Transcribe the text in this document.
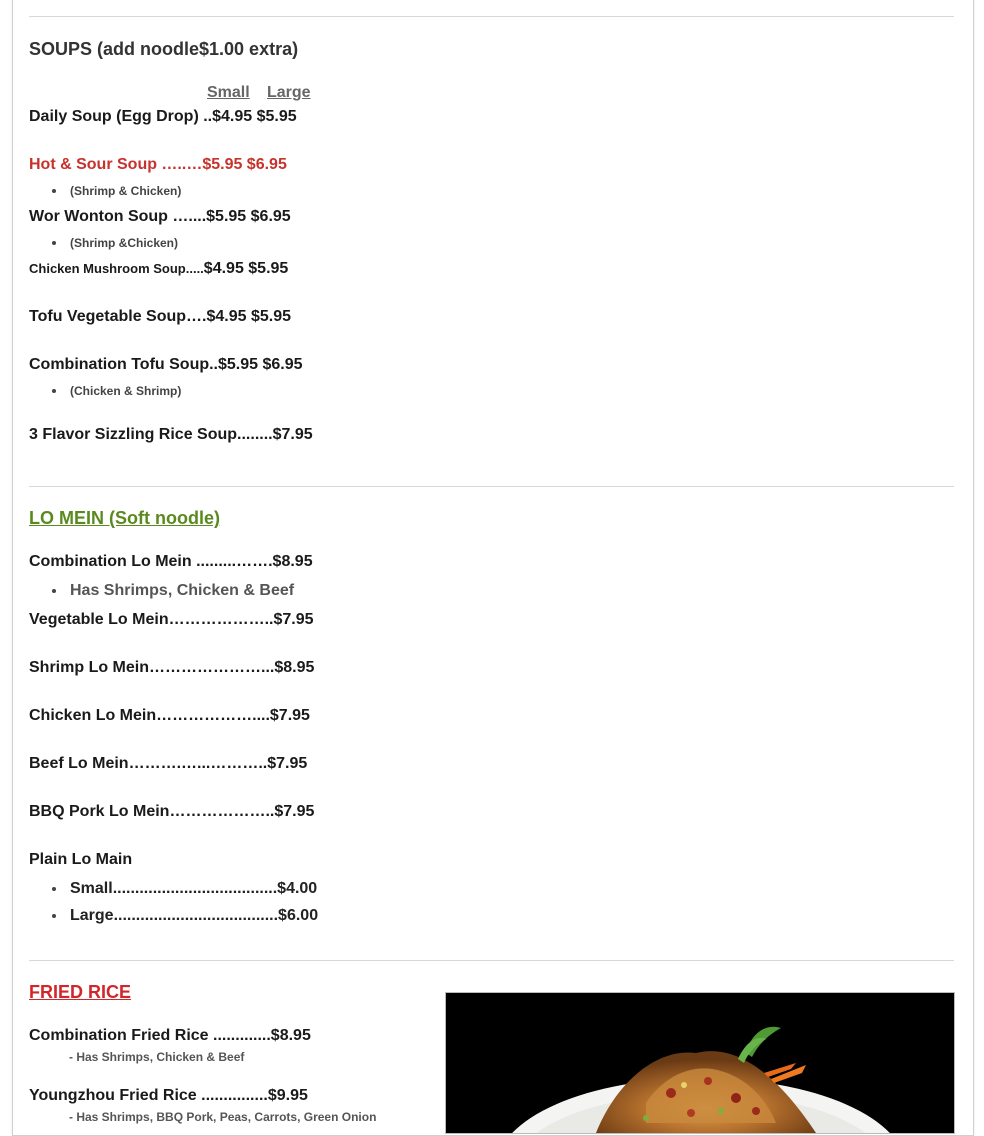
SOUPS (add noodle$1.00 extra)
Small Large
Daily Soup (Egg Drop) ..$4.95 $5.95
Hot & Sour Soup …..…$5.95 $6.95
(Shrimp & Chicken)
Wor Wonton Soup …....$5.95 $6.95
(Shrimp &Chicken)
Chicken Mushroom Soup.....$4.95 $5.95
Tofu Vegetable Soup….$4.95 $5.95
Combination Tofu Soup..$5.95 $6.95
(Chicken & Shrimp)
3 Flavor Sizzling Rice Soup........$7.95
LO MEIN (Soft noodle)
Combination Lo Mein .........…….$8.95
Has Shrimps, Chicken & Beef
Vegetable Lo Mein………………..$7.95
Shrimp Lo Mein…………………...$8.95
Chicken Lo Mein………………....$7.95
Beef Lo Mein……….…...………..$7.95
BBQ Pork Lo Mein………………..$7.95
Plain Lo Main
Small.....................................$4.00
Large.....................................$6.00
FRIED RICE
Combination Fried Rice .............$8.95
- Has Shrimps, Chicken & Beef
Youngzhou Fried Rice ...............$9.95
- Has Shrimps, BBQ Pork, Peas, Carrots, Green Onion
